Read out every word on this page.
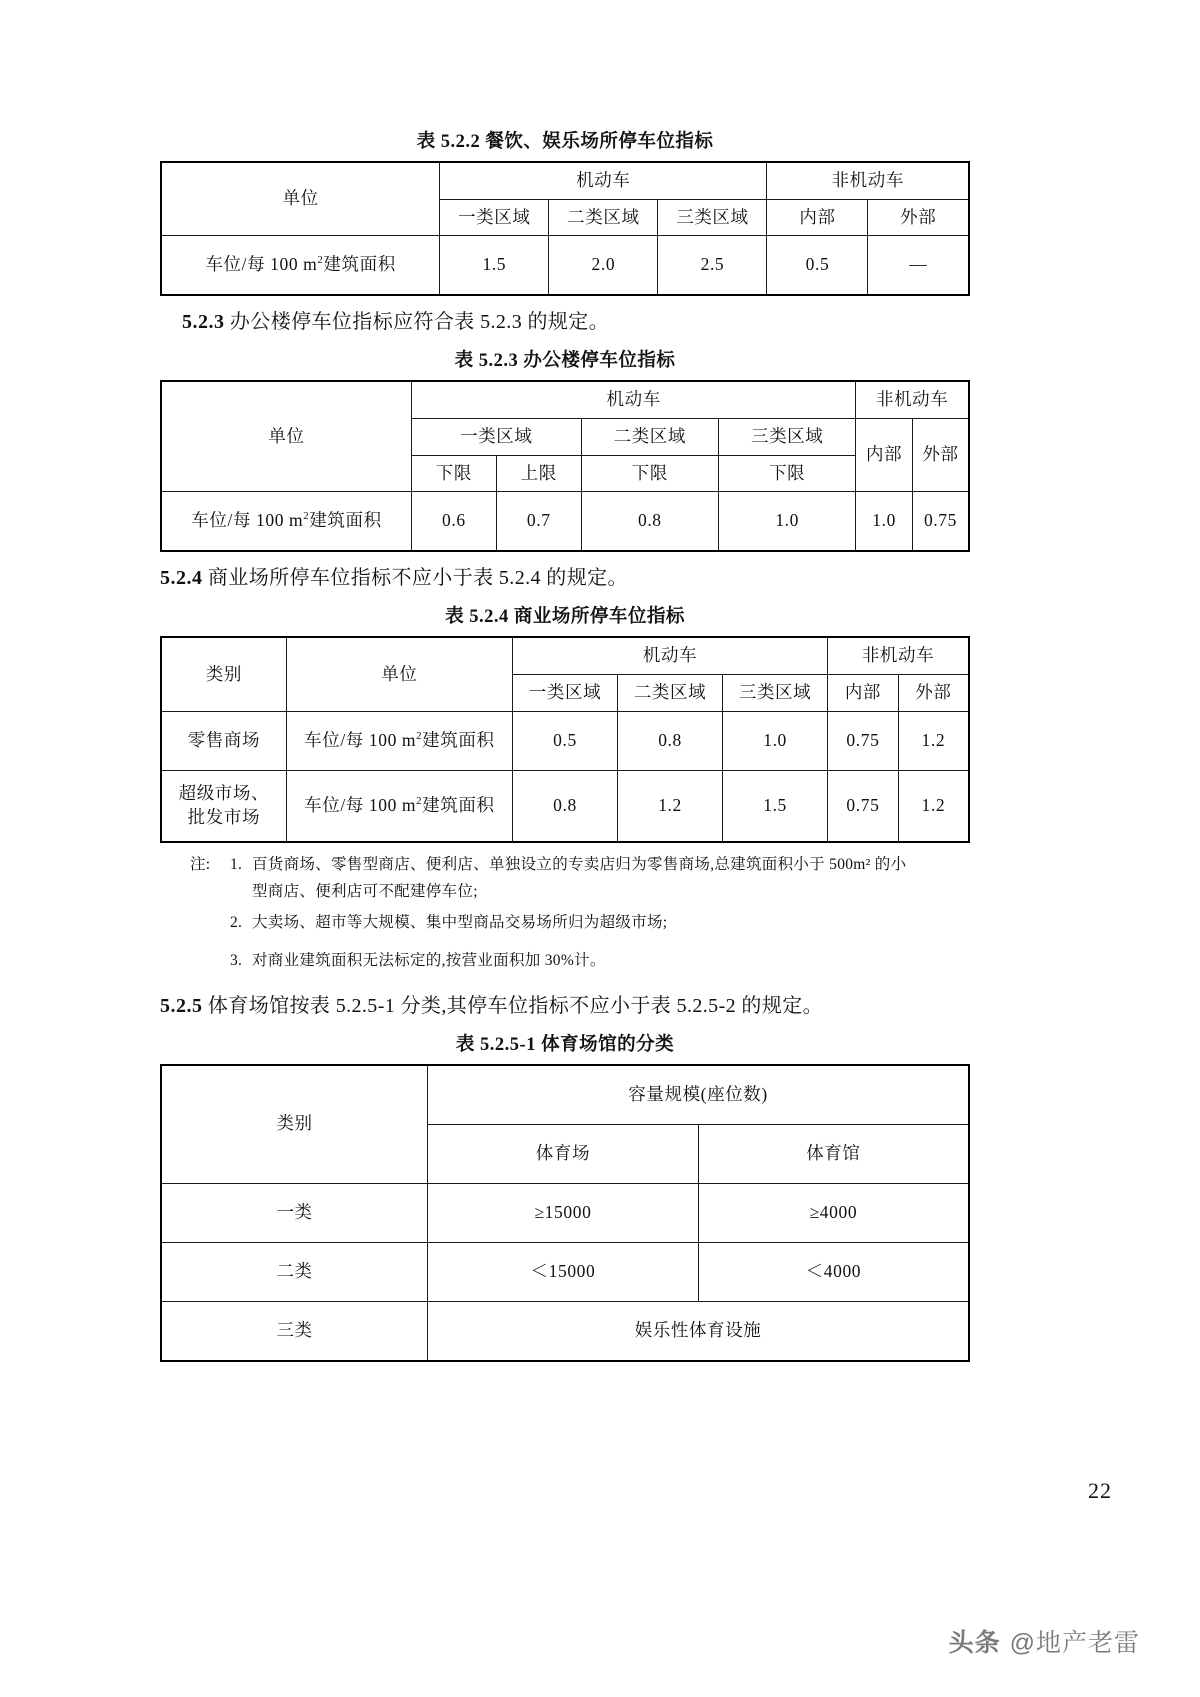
表 5.2.2 餐饮、娱乐场所停车位指标
单位	机动车			非机动车	
	一类区域	二类区域	三类区域	内部	外部
车位/每 100 $m^2$建筑面积	1.5	2.0	2.5	0.5	—
5.2.3 办公楼停车位指标应符合表 5.2.3 的规定。
表 5.2.3 办公楼停车位指标
单位	机动车				非机动车	
	一类区域		二类区域	三类区域	内部	外部
	下限	上限	下限	下限		
车位/每 100 $m^2$建筑面积	0.6	0.7	0.8	1.0	1.0	0.75
5.2.4 商业场所停车位指标不应小于表 5.2.4 的规定。
表 5.2.4 商业场所停车位指标
类别	单位	机动车			非机动车	
		一类区域	二类区域	三类区域	内部	外部
零售商场	车位/每 100 $m^2$建筑面积	0.5	0.8	1.0	0.75	1.2

超级市场、
批发市场	车位/每 100 $m^2$建筑面积	0.8	1.2	1.5	0.75	1.2
注:	1. 百货商场、零售型商店、便利店、单独设立的专卖店归为零售商场,总建筑面积小于 500m² 的小
型商店、便利店可不配建停车位;
2. 大卖场、超市等大规模、集中型商品交易场所归为超级市场;
3. 对商业建筑面积无法标定的,按营业面积加 30%计。
5.2.5 体育场馆按表 5.2.5-1 分类,其停车位指标不应小于表 5.2.5-2 的规定。
表 5.2.5-1 体育场馆的分类
类别	容量规模(座位数)	
	体育场	体育馆
一类	≥15000	≥4000
二类	＜15000	＜4000
三类	娱乐性体育设施	
22
头条 @地产老雷
